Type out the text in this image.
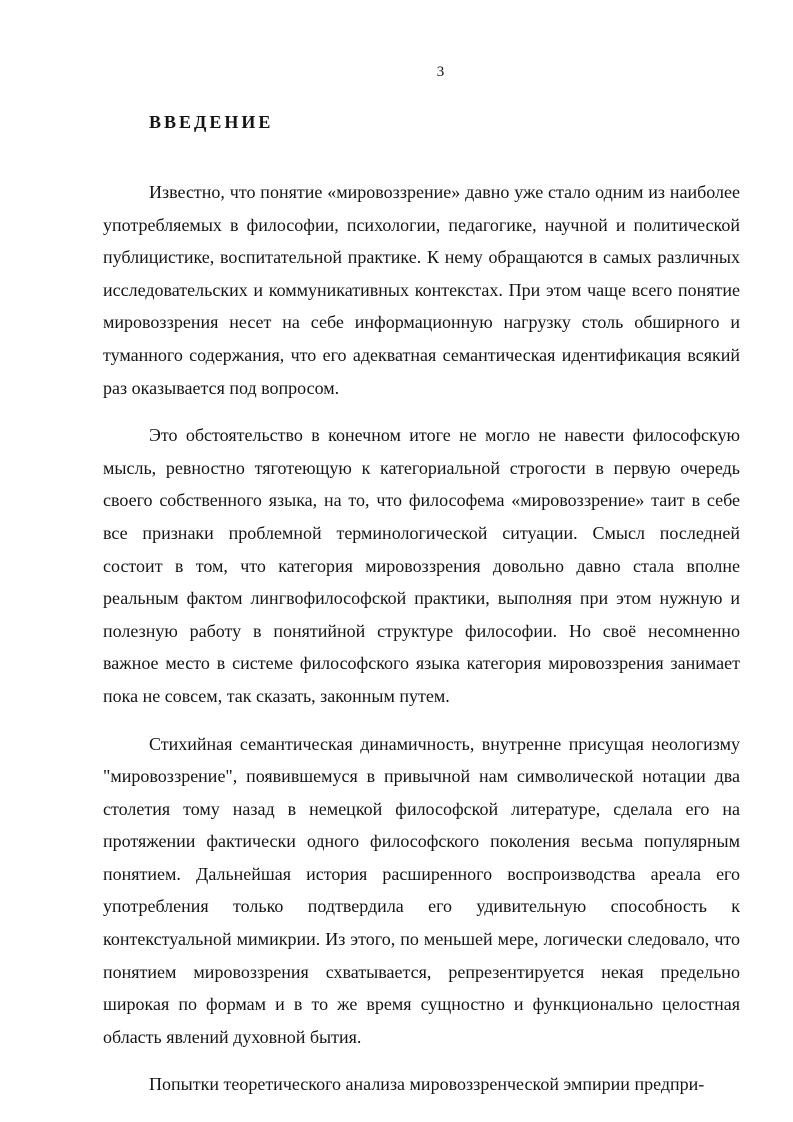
3
ВВЕДЕНИЕ

Известно, что понятие «мировоззрение» давно уже стало одним из наиболее употребляемых в философии, психологии, педагогике, научной и политической публицистике, воспитательной практике. К нему обращаются в самых различных исследовательских и коммуникативных контекстах. При этом чаще всего понятие мировоззрения несет на себе информационную нагрузку столь обширного и туманного содержания, что его адекватная семантическая идентификация всякий раз оказывается под вопросом.

Это обстоятельство в конечном итоге не могло не навести философскую мысль, ревностно тяготеющую к категориальной строгости в первую очередь своего собственного языка, на то, что философема «мировоззрение» таит в себе все признаки проблемной терминологической ситуации. Смысл последней состоит в том, что категория мировоззрения довольно давно стала вполне реальным фактом лингвофилософской практики, выполняя при этом нужную и полезную работу в понятийной структуре философии. Но своё несомненно важное место в системе философского языка категория мировоззрения занимает пока не совсем, так сказать, законным путем.

Стихийная семантическая динамичность, внутренне присущая неологизму "мировоззрение", появившемуся в привычной нам символической нотации два столетия тому назад в немецкой философской литературе, сделала его на протяжении фактически одного философского поколения весьма популярным понятием. Дальнейшая история расширенного воспроизводства ареала его употребления только подтвердила его удивительную способность к контекстуальной мимикрии. Из этого, по меньшей мере, логически следовало, что понятием мировоззрения схватывается, репрезентируется некая предельно широкая по формам и в то же время сущностно и функционально целостная область явлений духовной бытия.

Попытки теоретического анализа мировоззренческой эмпирии предпри-
